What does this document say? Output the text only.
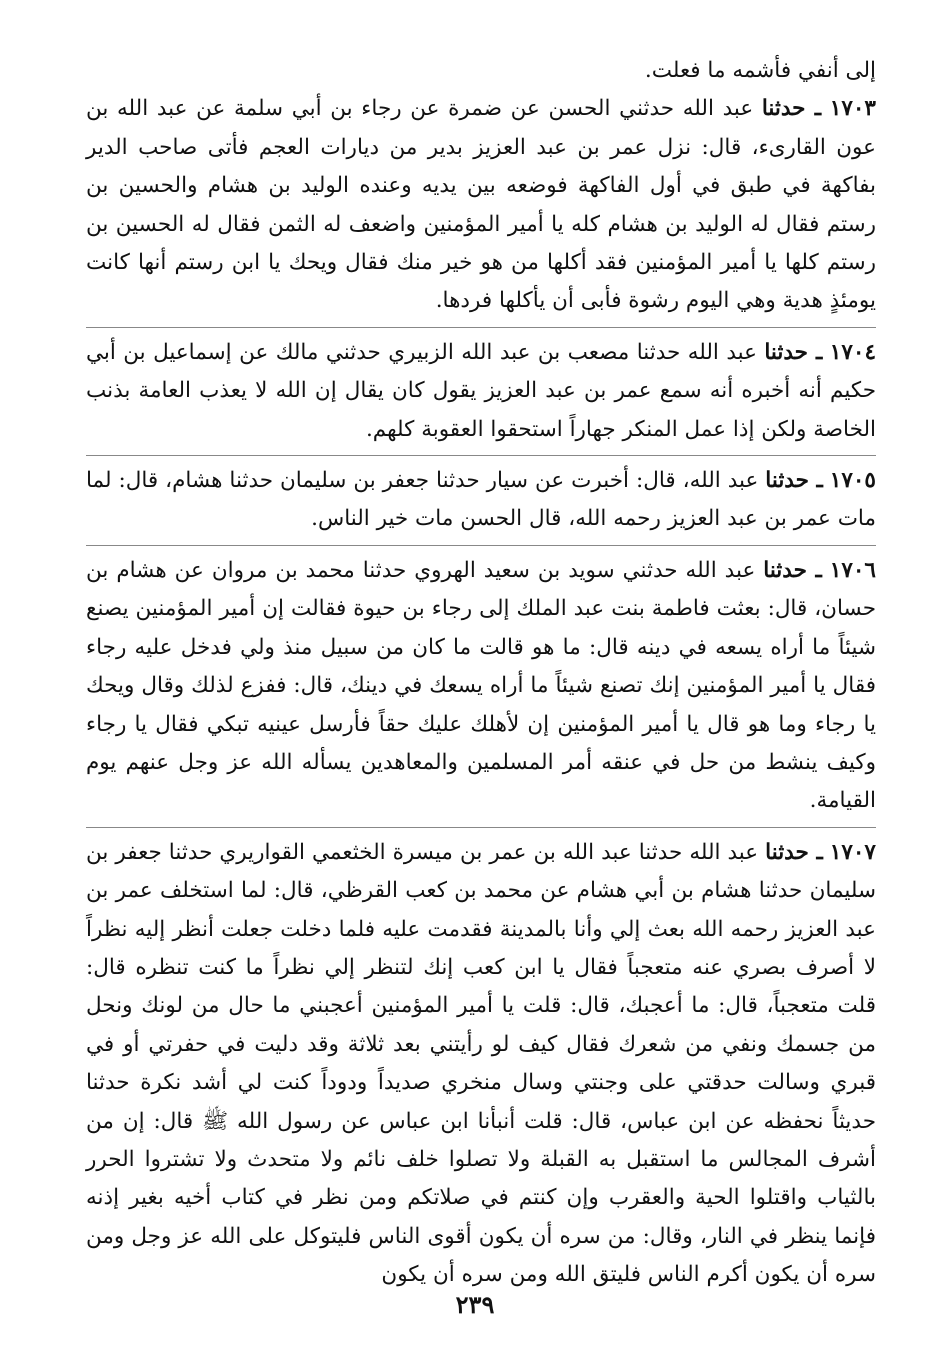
إلى أنفي فأشمه ما فعلت.

١٧٠٣ ـ حدثنا عبد الله حدثني الحسن عن ضمرة عن رجاء بن أبي سلمة عن عبد الله بن عون القارىء، قال: نزل عمر بن عبد العزيز بدير من ديارات العجم فأتى صاحب الدير بفاكهة في طبق في أول الفاكهة فوضعه بين يديه وعنده الوليد بن هشام والحسين بن رستم فقال له الوليد بن هشام كله يا أمير المؤمنين واضعف له الثمن فقال له الحسين بن رستم كلها يا أمير المؤمنين فقد أكلها من هو خير منك فقال ويحك يا ابن رستم أنها كانت يومئذٍ هدية وهي اليوم رشوة فأبى أن يأكلها فردها.

١٧٠٤ ـ حدثنا عبد الله حدثنا مصعب بن عبد الله الزبيري حدثني مالك عن إسماعيل بن أبي حكيم أنه أخبره أنه سمع عمر بن عبد العزيز يقول كان يقال إن الله لا يعذب العامة بذنب الخاصة ولكن إذا عمل المنكر جهاراً استحقوا العقوبة كلهم.

١٧٠٥ ـ حدثنا عبد الله، قال: أخبرت عن سيار حدثنا جعفر بن سليمان حدثنا هشام، قال: لما مات عمر بن عبد العزيز رحمه الله، قال الحسن مات خير الناس.

١٧٠٦ ـ حدثنا عبد الله حدثني سويد بن سعيد الهروي حدثنا محمد بن مروان عن هشام بن حسان، قال: بعثت فاطمة بنت عبد الملك إلى رجاء بن حيوة فقالت إن أمير المؤمنين يصنع شيئاً ما أراه يسعه في دينه قال: ما هو قالت ما كان من سبيل منذ ولي فدخل عليه رجاء فقال يا أمير المؤمنين إنك تصنع شيئاً ما أراه يسعك في دينك، قال: ففزع لذلك وقال ويحك يا رجاء وما هو قال يا أمير المؤمنين إن لأهلك عليك حقاً فأرسل عينيه تبكي فقال يا رجاء وكيف ينشط من حل في عنقه أمر المسلمين والمعاهدين يسأله الله عز وجل عنهم يوم القيامة.

١٧٠٧ ـ حدثنا عبد الله حدثنا عبد الله بن عمر بن ميسرة الخثعمي القواريري حدثنا جعفر بن سليمان حدثنا هشام بن أبي هشام عن محمد بن كعب القرظي، قال: لما استخلف عمر بن عبد العزيز رحمه الله بعث إلي وأنا بالمدينة فقدمت عليه فلما دخلت جعلت أنظر إليه نظراً لا أصرف بصري عنه متعجباً فقال يا ابن كعب إنك لتنظر إلي نظراً ما كنت تنظره قال: قلت متعجباً، قال: ما أعجبك، قال: قلت يا أمير المؤمنين أعجبني ما حال من لونك ونحل من جسمك ونفي من شعرك فقال كيف لو رأيتني بعد ثلاثة وقد دليت في حفرتي أو في قبري وسالت حدقتي على وجنتي وسال منخري صديداً ودوداً كنت لي أشد نكرة حدثنا حديثاً نحفظه عن ابن عباس، قال: قلت أنبأنا ابن عباس عن رسول الله ﷺ قال: إن من أشرف المجالس ما استقبل به القبلة ولا تصلوا خلف نائم ولا متحدث ولا تشتروا الحرر بالثياب واقتلوا الحية والعقرب وإن كنتم في صلاتكم ومن نظر في كتاب أخيه بغير إذنه فإنما ينظر في النار، وقال: من سره أن يكون أقوى الناس فليتوكل على الله عز وجل ومن سره أن يكون أكرم الناس فليتق الله ومن سره أن يكون

٢٣٩
